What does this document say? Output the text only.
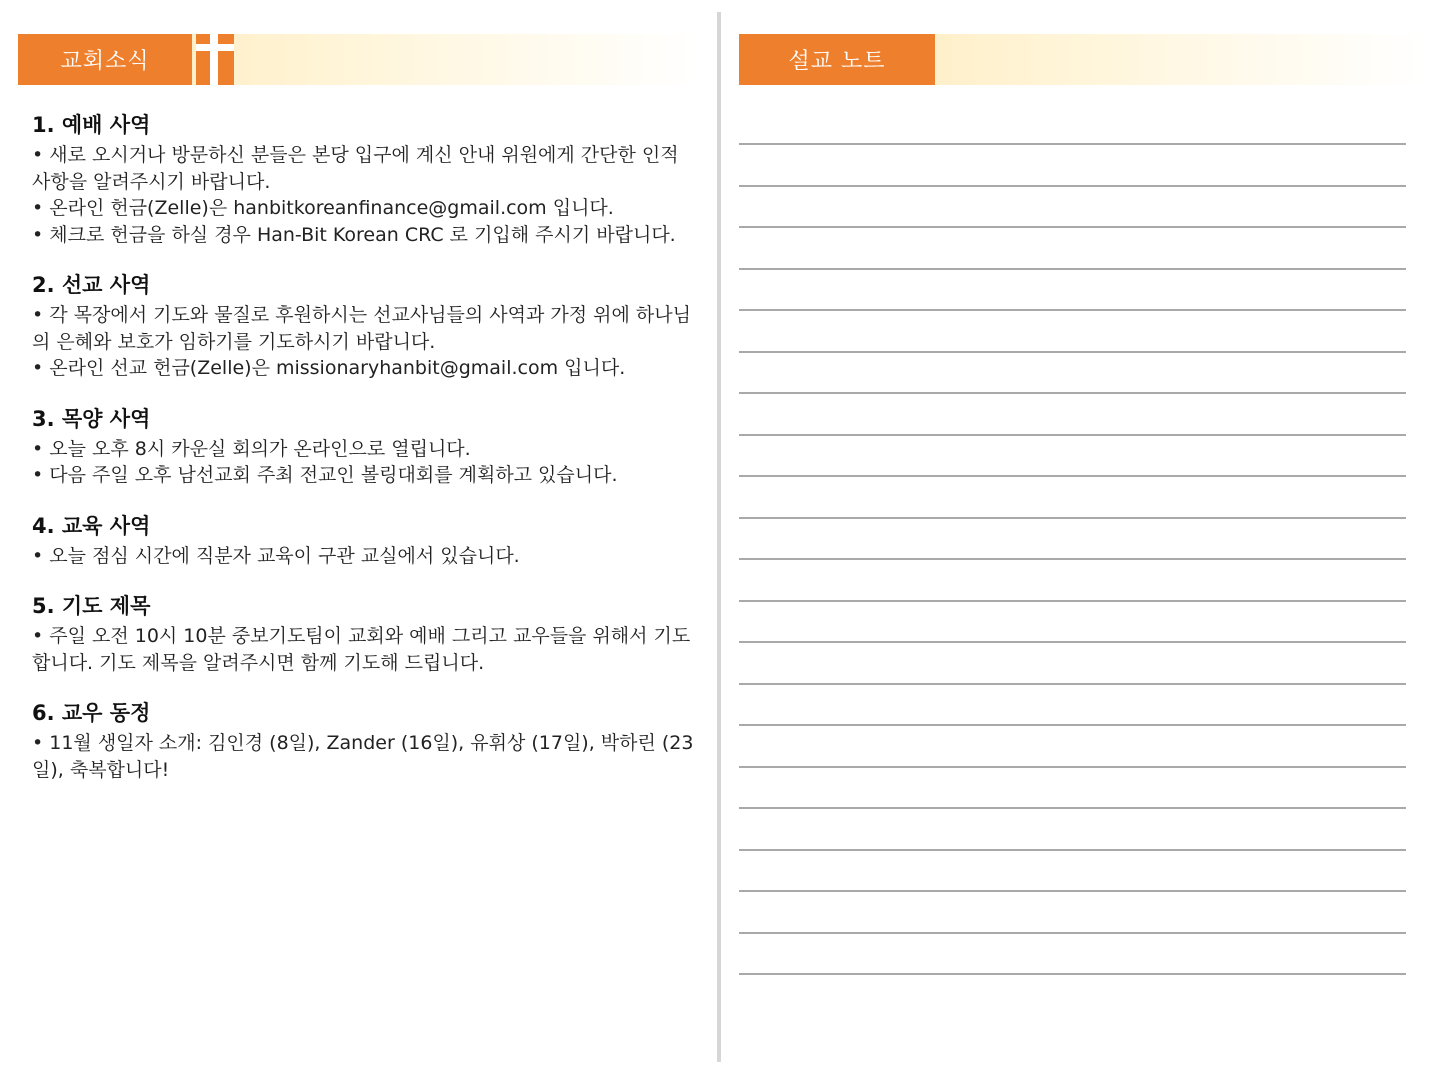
교회소식	설교 노트
1. 예배 사역

• 새로 오시거나 방문하신 분들은 본당 입구에 계신 안내 위원에게 간단한 인적 사항을 알려주시기 바랍니다.

• 온라인 헌금(Zelle)은 hanbitkoreanfinance@gmail.com 입니다.

• 체크로 헌금을 하실 경우 Han-Bit Korean CRC 로 기입해 주시기 바랍니다.

2. 선교 사역

• 각 목장에서 기도와 물질로 후원하시는 선교사님들의 사역과 가정 위에 하나님의 은혜와 보호가 임하기를 기도하시기 바랍니다.

• 온라인 선교 헌금(Zelle)은 missionaryhanbit@gmail.com 입니다.

3. 목양 사역

• 오늘 오후 8시 카운실 회의가 온라인으로 열립니다.

• 다음 주일 오후 남선교회 주최 전교인 볼링대회를 계획하고 있습니다.

4. 교육 사역

• 오늘 점심 시간에 직분자 교육이 구관 교실에서 있습니다.

5. 기도 제목

• 주일 오전 10시 10분 중보기도팀이 교회와 예배 그리고 교우들을 위해서 기도합니다. 기도 제목을 알려주시면 함께 기도해 드립니다.

6. 교우 동정

• 11월 생일자 소개: 김인경 (8일), Zander (16일), 유휘상 (17일), 박하린 (23일), 축복합니다!
